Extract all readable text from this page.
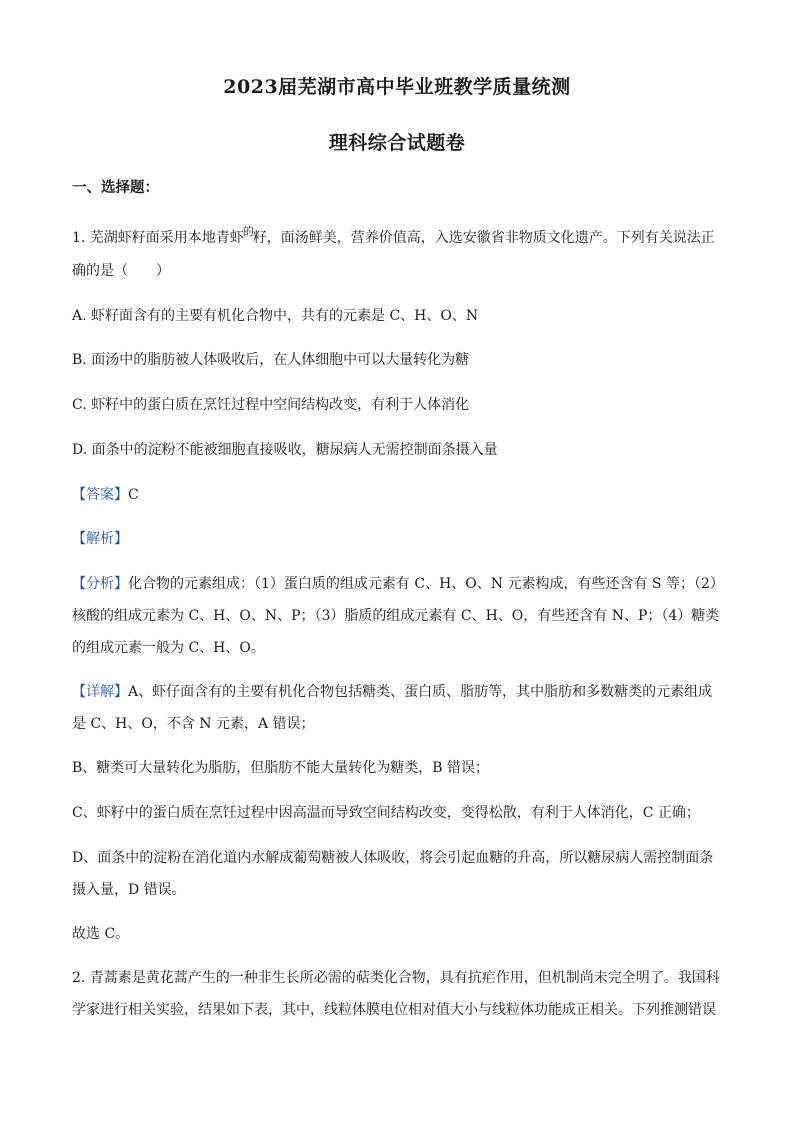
2023届芜湖市高中毕业班教学质量统测
理科综合试题卷
一、选择题：
1. 芜湖虾籽面采用本地青虾$^的$籽，面汤鲜美，营养价值高，入选安徽省非物质文化遗产。下列有关说法正
确的是（　　）
A. 虾籽面含有的主要有机化合物中，共有的元素是 C、H、O、N
B. 面汤中的脂肪被人体吸收后，在人体细胞中可以大量转化为糖
C. 虾籽中的蛋白质在烹饪过程中空间结构改变，有利于人体消化
D. 面条中的淀粉不能被细胞直接吸收，糖尿病人无需控制面条摄入量
【答案】C
【解析】
【分析】化合物的元素组成：（1）蛋白质的组成元素有 C、H、O、N 元素构成，有些还含有 S 等；（2）
核酸的组成元素为 C、H、O、N、P；（3）脂质的组成元素有 C、H、O，有些还含有 N、P；（4）糖类
的组成元素一般为 C、H、O。
【详解】A、虾仔面含有的主要有机化合物包括糖类、蛋白质、脂肪等，其中脂肪和多数糖类的元素组成
是 C、H、O，不含 N 元素，A 错误；
B、糖类可大量转化为脂肪，但脂肪不能大量转化为糖类，B 错误；
C、虾籽中的蛋白质在烹饪过程中因高温而导致空间结构改变，变得松散，有利于人体消化，C 正确；
D、面条中的淀粉在消化道内水解成葡萄糖被人体吸收，将会引起血糖的升高，所以糖尿病人需控制面条
摄入量，D 错误。
故选 C。
2. 青蒿素是黄花蒿产生的一种非生长所必需的萜类化合物，具有抗疟作用，但机制尚未完全明了。我国科
学家进行相关实验，结果如下表，其中，线粒体膜电位相对值大小与线粒体功能成正相关。下列推测错误
